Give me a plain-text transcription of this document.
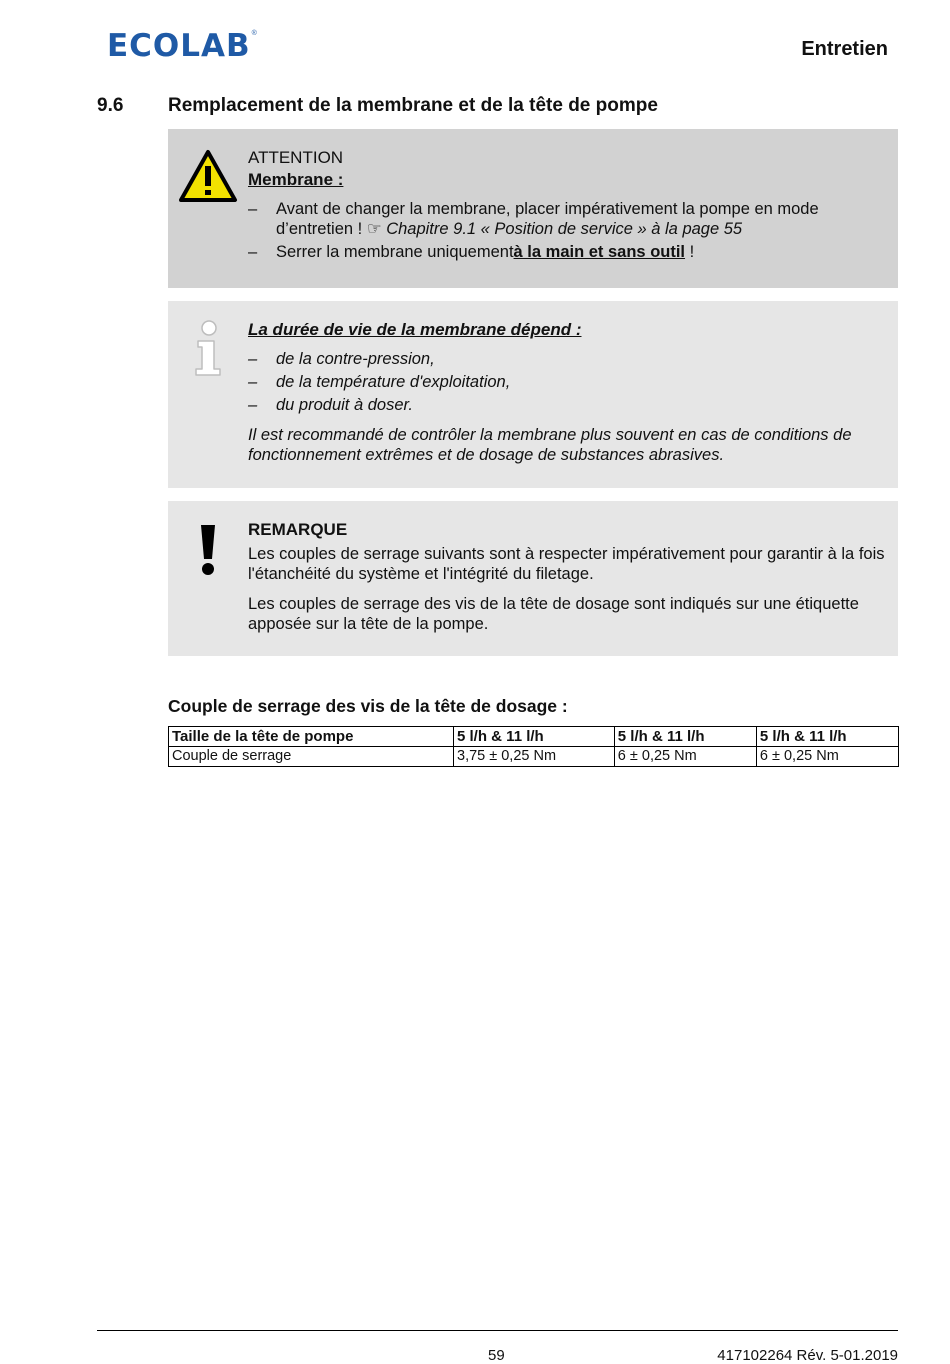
ECOLAB ®
Entretien
9.6 Remplacement de la membrane et de la tête de pompe
ATTENTION
Membrane :
– Avant de changer la membrane, placer impérativement la pompe en mode d’entretien ! ☞ Chapitre 9.1 « Position de service » à la page 55
– Serrer la membrane uniquementà la main et sans outil !
La durée de vie de la membrane dépend :
– de la contre-pression,
– de la température d'exploitation,
– du produit à doser.

Il est recommandé de contrôler la membrane plus souvent en cas de conditions de fonctionnement extrêmes et de dosage de substances abrasives.

REMARQUE

Les couples de serrage suivants sont à respecter impérativement pour garantir à la fois l'étanchéité du système et l'intégrité du filetage.

Les couples de serrage des vis de la tête de dosage sont indiqués sur une étiquette apposée sur la tête de la pompe.

Couple de serrage des vis de la tête de dosage :
Taille de la tête de pompe	5 l/h & 11 l/h	5 l/h & 11 l/h	5 l/h & 11 l/h
Couple de serrage	3,75 ± 0,25 Nm	6 ± 0,25 Nm	6 ± 0,25 Nm
59	417102264 Rév. 5-01.2019
